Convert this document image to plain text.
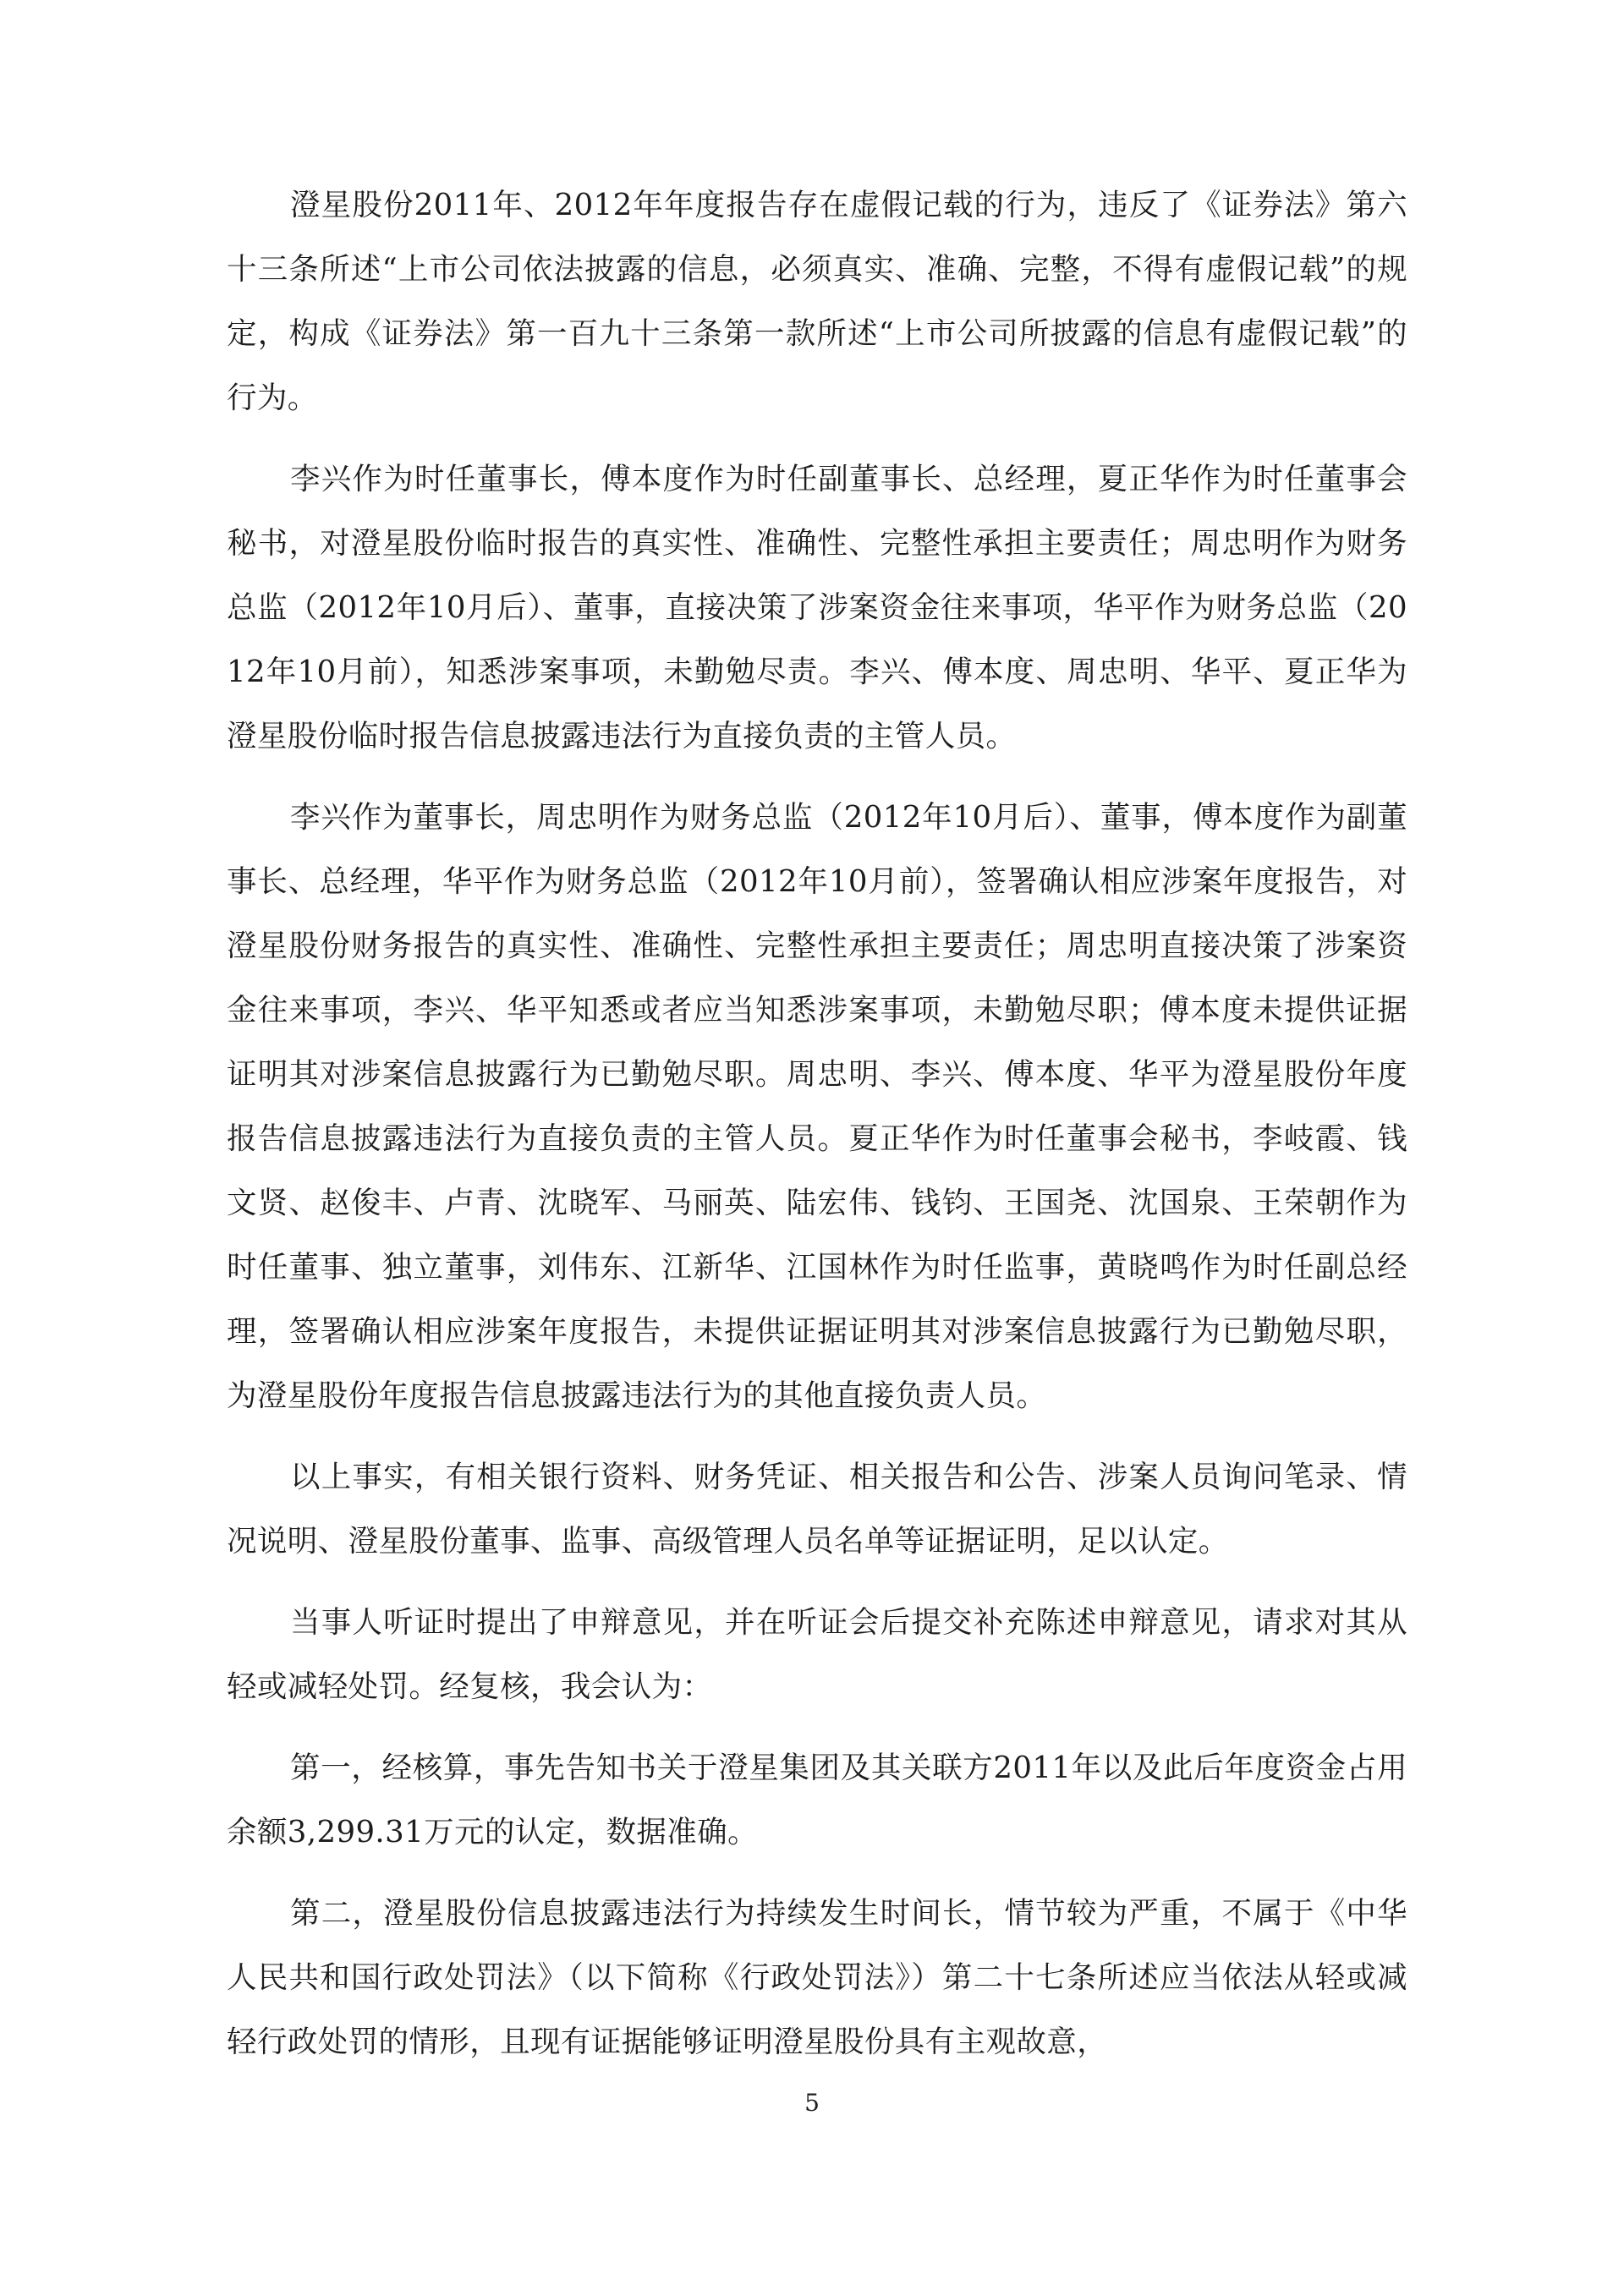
澄星股份2011年、2012年年度报告存在虚假记载的行为，违反了《证券法》第六十三条所述“上市公司依法披露的信息，必须真实、准确、完整，不得有虚假记载”的规定，构成《证券法》第一百九十三条第一款所述“上市公司所披露的信息有虚假记载”的行为。

李兴作为时任董事长，傅本度作为时任副董事长、总经理，夏正华作为时任董事会秘书，对澄星股份临时报告的真实性、准确性、完整性承担主要责任；周忠明作为财务总监（2012年10月后）、董事，直接决策了涉案资金往来事项，华平作为财务总监（2012年10月前），知悉涉案事项，未勤勉尽责。李兴、傅本度、周忠明、华平、夏正华为澄星股份临时报告信息披露违法行为直接负责的主管人员。

李兴作为董事长，周忠明作为财务总监（2012年10月后）、董事，傅本度作为副董事长、总经理，华平作为财务总监（2012年10月前），签署确认相应涉案年度报告，对澄星股份财务报告的真实性、准确性、完整性承担主要责任；周忠明直接决策了涉案资金往来事项，李兴、华平知悉或者应当知悉涉案事项，未勤勉尽职；傅本度未提供证据证明其对涉案信息披露行为已勤勉尽职。周忠明、李兴、傅本度、华平为澄星股份年度报告信息披露违法行为直接负责的主管人员。夏正华作为时任董事会秘书，李岐霞、钱文贤、赵俊丰、卢青、沈晓军、马丽英、陆宏伟、钱钧、王国尧、沈国泉、王荣朝作为时任董事、独立董事，刘伟东、江新华、江国林作为时任监事，黄晓鸣作为时任副总经理，签署确认相应涉案年度报告，未提供证据证明其对涉案信息披露行为已勤勉尽职，为澄星股份年度报告信息披露违法行为的其他直接负责人员。

以上事实，有相关银行资料、财务凭证、相关报告和公告、涉案人员询问笔录、情况说明、澄星股份董事、监事、高级管理人员名单等证据证明，足以认定。

当事人听证时提出了申辩意见，并在听证会后提交补充陈述申辩意见，请求对其从轻或减轻处罚。经复核，我会认为：

第一，经核算，事先告知书关于澄星集团及其关联方2011年以及此后年度资金占用余额3,299.31万元的认定，数据准确。

第二，澄星股份信息披露违法行为持续发生时间长，情节较为严重，不属于《中华人民共和国行政处罚法》（以下简称《行政处罚法》）第二十七条所述应当依法从轻或减轻行政处罚的情形，且现有证据能够证明澄星股份具有主观故意，

5
